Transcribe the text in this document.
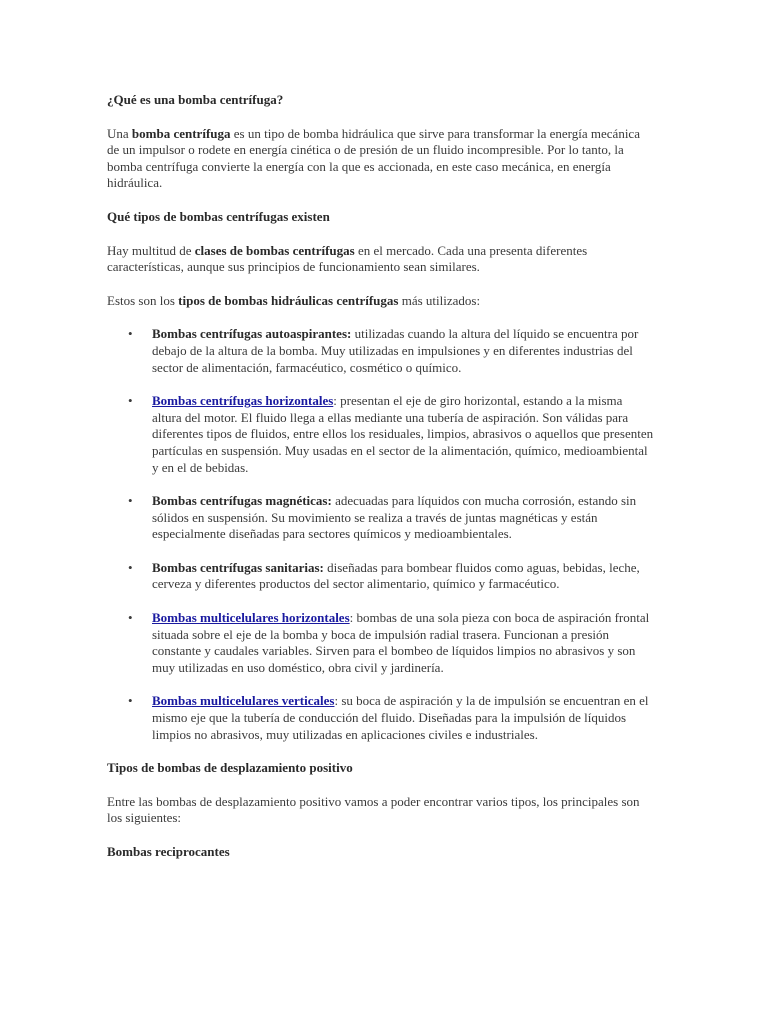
¿Qué es una bomba centrífuga?

Una bomba centrífuga es un tipo de bomba hidráulica que sirve para transformar la energía mecánica de un impulsor o rodete en energía cinética o de presión de un fluido incompresible. Por lo tanto, la bomba centrífuga convierte la energía con la que es accionada, en este caso mecánica, en energía hidráulica.

Qué tipos de bombas centrífugas existen

Hay multitud de clases de bombas centrífugas en el mercado. Cada una presenta diferentes características, aunque sus principios de funcionamiento sean similares.

Estos son los tipos de bombas hidráulicas centrífugas más utilizados:

• Bombas centrífugas autoaspirantes: utilizadas cuando la altura del líquido se encuentra por debajo de la altura de la bomba. Muy utilizadas en impulsiones y en diferentes industrias del sector de alimentación, farmacéutico, cosmético o químico.
• Bombas centrífugas horizontales: presentan el eje de giro horizontal, estando a la misma altura del motor. El fluido llega a ellas mediante una tubería de aspiración. Son válidas para diferentes tipos de fluidos, entre ellos los residuales, limpios, abrasivos o aquellos que presenten partículas en suspensión. Muy usadas en el sector de la alimentación, químico, medioambiental y en el de bebidas.
• Bombas centrífugas magnéticas: adecuadas para líquidos con mucha corrosión, estando sin sólidos en suspensión. Su movimiento se realiza a través de juntas magnéticas y están especialmente diseñadas para sectores químicos y medioambientales.
• Bombas centrífugas sanitarias: diseñadas para bombear fluidos como aguas, bebidas, leche, cerveza y diferentes productos del sector alimentario, químico y farmacéutico.
• Bombas multicelulares horizontales: bombas de una sola pieza con boca de aspiración frontal situada sobre el eje de la bomba y boca de impulsión radial trasera. Funcionan a presión constante y caudales variables. Sirven para el bombeo de líquidos limpios no abrasivos y son muy utilizadas en uso doméstico, obra civil y jardinería.
• Bombas multicelulares verticales: su boca de aspiración y la de impulsión se encuentran en el mismo eje que la tubería de conducción del fluido. Diseñadas para la impulsión de líquidos limpios no abrasivos, muy utilizadas en aplicaciones civiles e industriales.
Tipos de bombas de desplazamiento positivo

Entre las bombas de desplazamiento positivo vamos a poder encontrar varios tipos, los principales son los siguientes:

Bombas reciprocantes
